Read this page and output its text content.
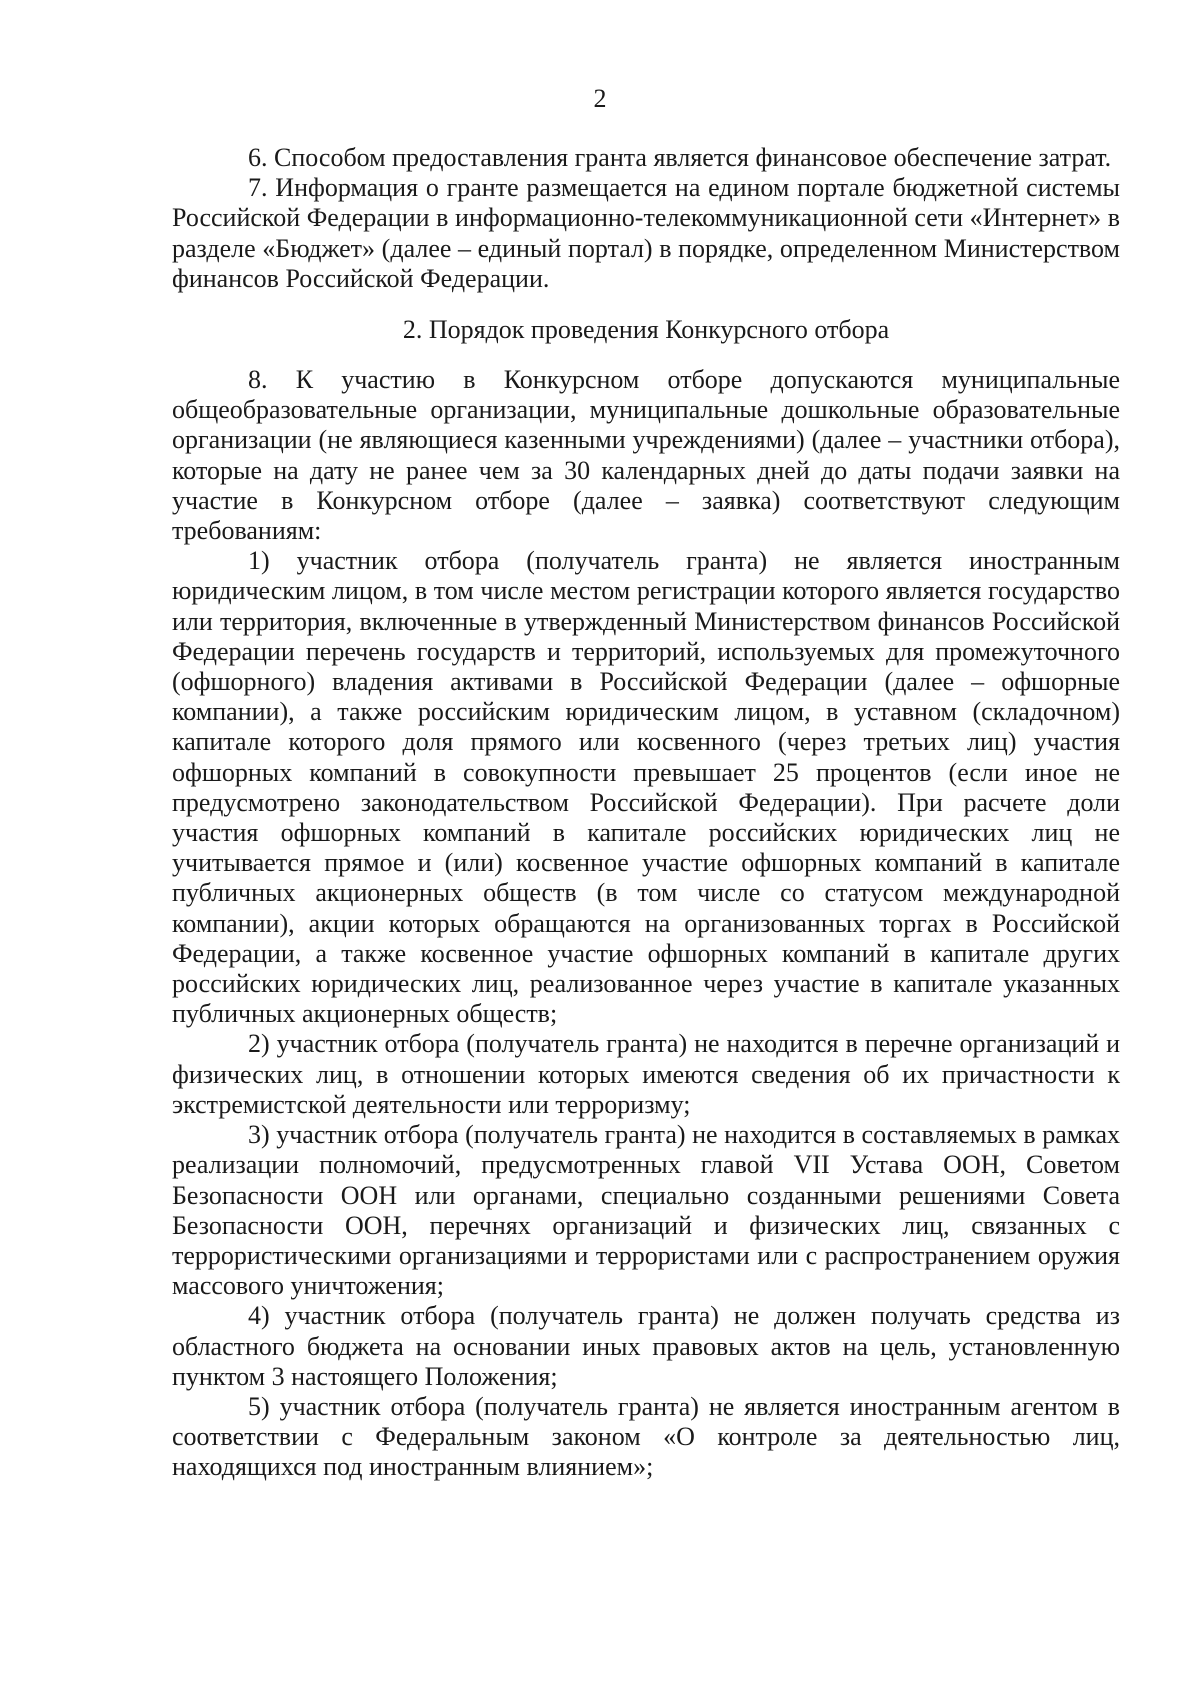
2

6. Способом предоставления гранта является финансовое обеспечение затрат.

7. Информация о гранте размещается на едином портале бюджетной системы Российской Федерации в информационно-телекоммуникационной сети «Интернет» в разделе «Бюджет» (далее – единый портал) в порядке, определенном Министерством финансов Российской Федерации.

2. Порядок проведения Конкурсного отбора

8. К участию в Конкурсном отборе допускаются муниципальные общеобразовательные организации, муниципальные дошкольные образовательные организации (не являющиеся казенными учреждениями) (далее – участники отбора), которые на дату не ранее чем за 30 календарных дней до даты подачи заявки на участие в Конкурсном отборе (далее – заявка) соответствуют следующим требованиям:

1) участник отбора (получатель гранта) не является иностранным юридическим лицом, в том числе местом регистрации которого является государство или территория, включенные в утвержденный Министерством финансов Российской Федерации перечень государств и территорий, используемых для промежуточного (офшорного) владения активами в Российской Федерации (далее – офшорные компании), а также российским юридическим лицом, в уставном (складочном) капитале которого доля прямого или косвенного (через третьих лиц) участия офшорных компаний в совокупности превышает 25 процентов (если иное не предусмотрено законодательством Российской Федерации). При расчете доли участия офшорных компаний в капитале российских юридических лиц не учитывается прямое и (или) косвенное участие офшорных компаний в капитале публичных акционерных обществ (в том числе со статусом международной компании), акции которых обращаются на организованных торгах в Российской Федерации, а также косвенное участие офшорных компаний в капитале других российских юридических лиц, реализованное через участие в капитале указанных публичных акционерных обществ;

2) участник отбора (получатель гранта) не находится в перечне организаций и физических лиц, в отношении которых имеются сведения об их причастности к экстремистской деятельности или терроризму;

3) участник отбора (получатель гранта) не находится в составляемых в рамках реализации полномочий, предусмотренных главой VII Устава ООН, Советом Безопасности ООН или органами, специально созданными решениями Совета Безопасности ООН, перечнях организаций и физических лиц, связанных с террористическими организациями и террористами или с распространением оружия массового уничтожения;

4) участник отбора (получатель гранта) не должен получать средства из областного бюджета на основании иных правовых актов на цель, установленную пунктом 3 настоящего Положения;

5) участник отбора (получатель гранта) не является иностранным агентом в соответствии с Федеральным законом «О контроле за деятельностью лиц, находящихся под иностранным влиянием»;
